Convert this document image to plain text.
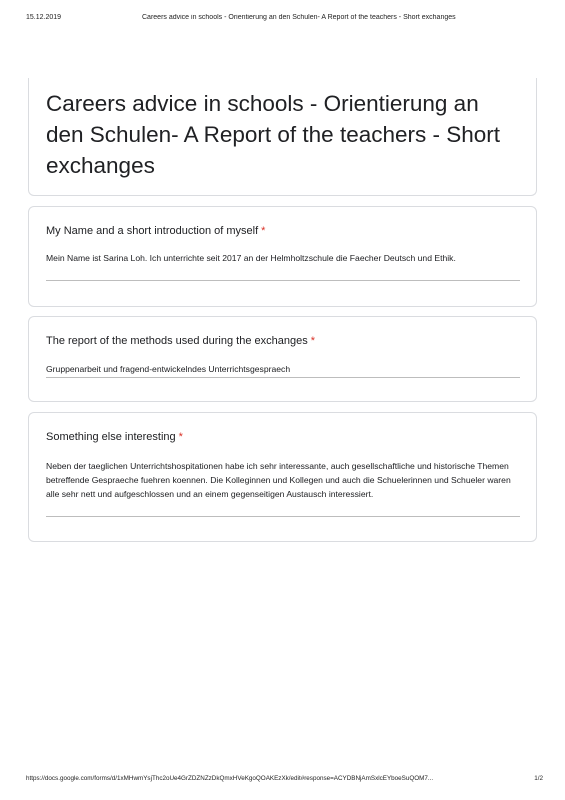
15.12.2019	Careers advice in schools - Orientierung an den Schulen- A Report of the teachers - Short exchanges
Careers advice in schools - Orientierung an den Schulen- A Report of the teachers - Short exchanges
My Name and a short introduction of myself *
Mein Name ist Sarina Loh. Ich unterrichte seit 2017 an der Helmholtzschule die Faecher Deutsch und Ethik.
The report of the methods used during the exchanges *
Gruppenarbeit und fragend-entwickelndes Unterrichtsgespraech
Something else interesting *
Neben der taeglichen Unterrichtshospitationen habe ich sehr interessante, auch gesellschaftliche und historische Themen betreffende Gespraeche fuehren koennen. Die Kolleginnen und Kollegen und auch die Schuelerinnen und Schueler waren alle sehr nett und aufgeschlossen und an einem gegenseitigen Austausch interessiert.
https://docs.google.com/forms/d/1xMHwmYsjThc2oUe4GrZDZNZzDkQmxHVeKgoQOAKEzXk/edit#response=ACYDBNjAmSxlcEYboeSuQOM7...	1/2
